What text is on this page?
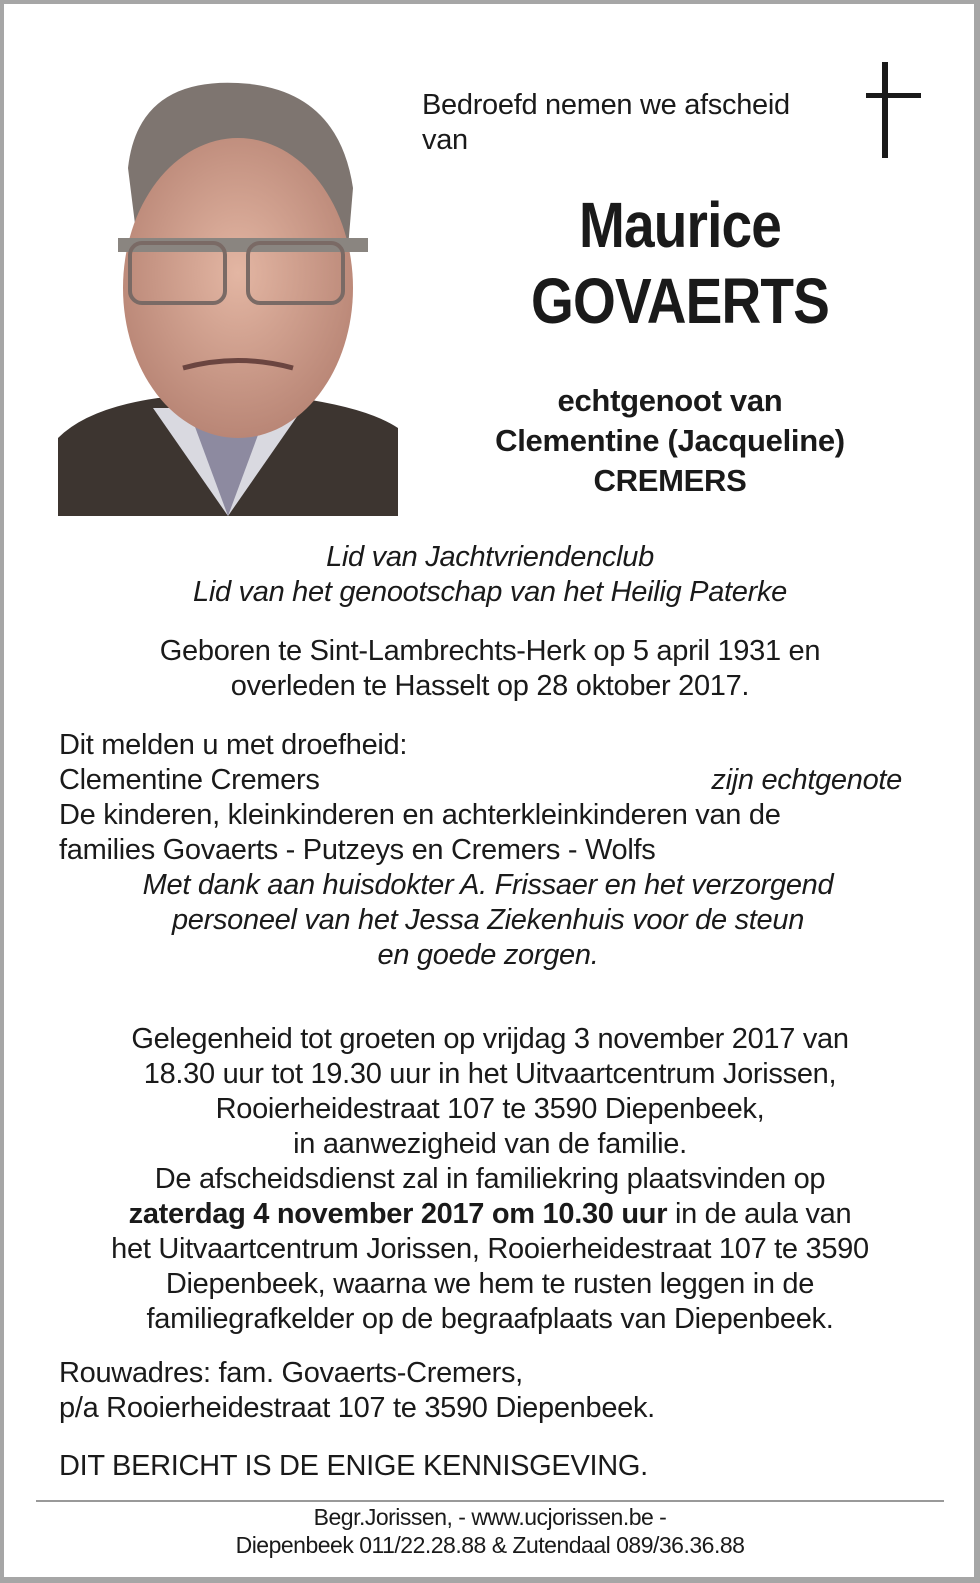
Bedroefd nemen we afscheid
van
Maurice
GOVAERTS
echtgenoot van
Clementine (Jacqueline)
CREMERS
Lid van Jachtvriendenclub
Lid van het genootschap van het Heilig Paterke
Geboren te Sint-Lambrechts-Herk op 5 april 1931 en
overleden te Hasselt op 28 oktober 2017.
Dit melden u met droefheid:
Clementine Cremers	zijn echtgenote
De kinderen, kleinkinderen en achterkleinkinderen van de
families Govaerts - Putzeys en Cremers - Wolfs
Met dank aan huisdokter A. Frissaer en het verzorgend
personeel van het Jessa Ziekenhuis voor de steun
en goede zorgen.
Gelegenheid tot groeten op vrijdag 3 november 2017 van
18.30 uur tot 19.30 uur in het Uitvaartcentrum Jorissen,
Rooierheidestraat 107 te 3590 Diepenbeek,
in aanwezigheid van de familie.
De afscheidsdienst zal in familiekring plaatsvinden op
zaterdag 4 november 2017 om 10.30 uur in de aula van
het Uitvaartcentrum Jorissen, Rooierheidestraat 107 te 3590
Diepenbeek, waarna we hem te rusten leggen in de
familiegrafkelder op de begraafplaats van Diepenbeek.
Rouwadres: fam. Govaerts-Cremers,
p/a Rooierheidestraat 107 te 3590 Diepenbeek.
DIT BERICHT IS DE ENIGE KENNISGEVING.
Begr.Jorissen, - www.ucjorissen.be -
Diepenbeek 011/22.28.88 & Zutendaal 089/36.36.88
